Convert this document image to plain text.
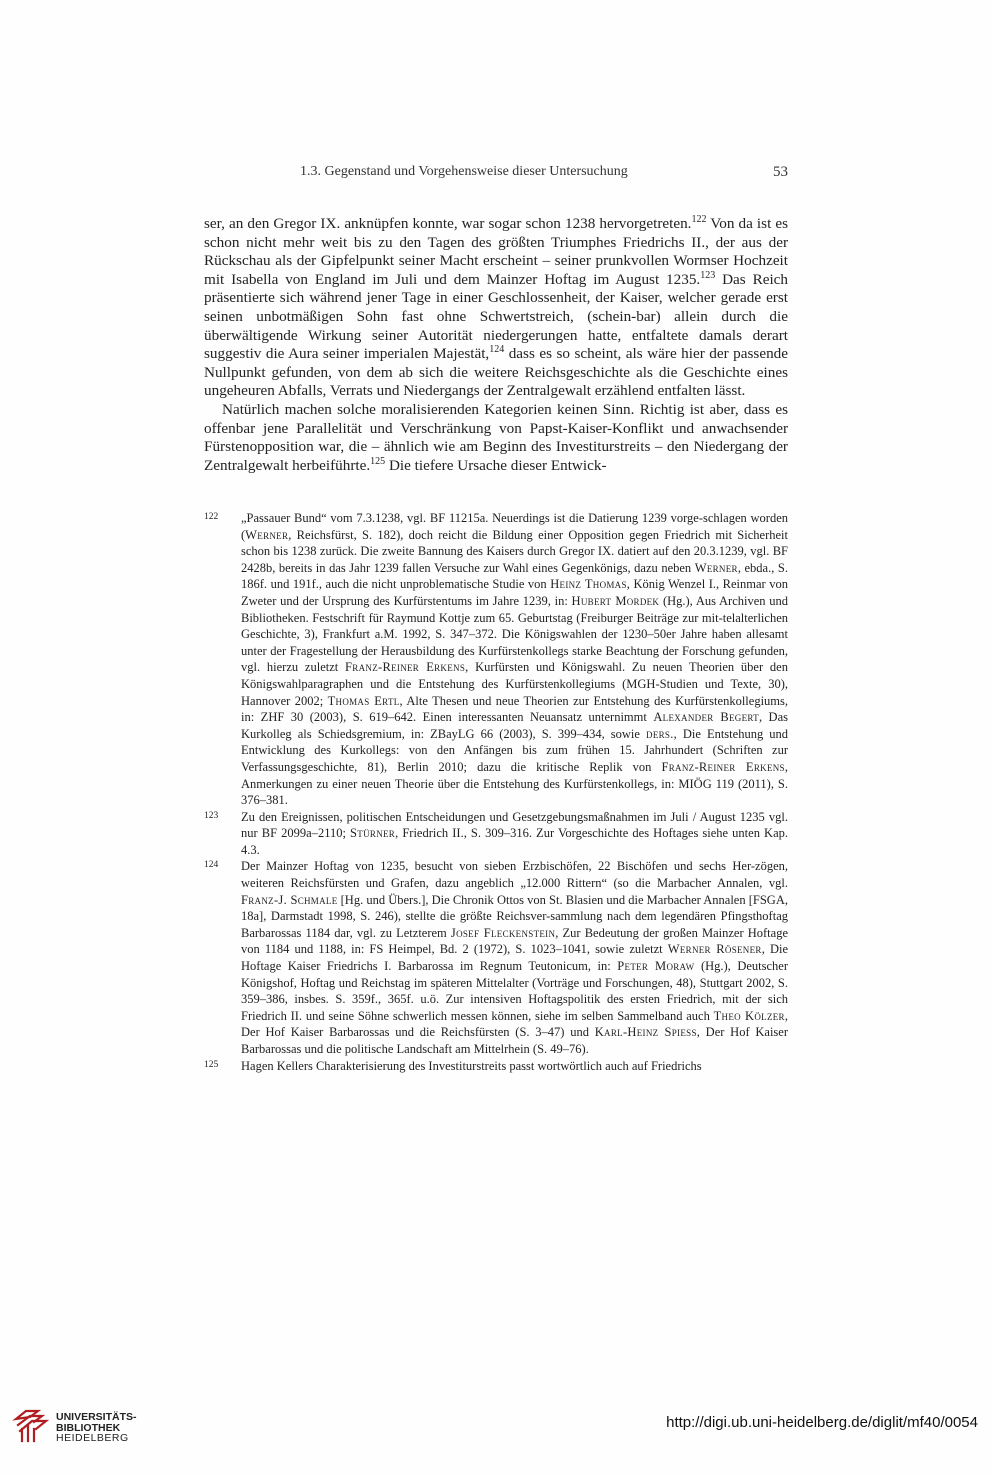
1.3. Gegenstand und Vorgehensweise dieser Untersuchung	53

ser, an den Gregor IX. anknüpfen konnte, war sogar schon 1238 hervorgetreten.$^{122}$ Von da ist es schon nicht mehr weit bis zu den Tagen des größten Triumphes Friedrichs II., der aus der Rückschau als der Gipfelpunkt seiner Macht erscheint – seiner prunkvollen Wormser Hochzeit mit Isabella von England im Juli und dem Mainzer Hoftag im August 1235.$^{123}$ Das Reich präsentierte sich während jener Tage in einer Geschlossenheit, der Kaiser, welcher gerade erst seinen unbotmäßigen Sohn fast ohne Schwertstreich, (schein-bar) allein durch die überwältigende Wirkung seiner Autorität niedergerungen hatte, entfaltete damals derart suggestiv die Aura seiner imperialen Majestät,$^{124}$ dass es so scheint, als wäre hier der passende Nullpunkt gefunden, von dem ab sich die weitere Reichsgeschichte als die Geschichte eines ungeheuren Abfalls, Verrats und Niedergangs der Zentralgewalt erzählend entfalten lässt.

Natürlich machen solche moralisierenden Kategorien keinen Sinn. Richtig ist aber, dass es offenbar jene Parallelität und Verschränkung von Papst-Kaiser-Konflikt und anwachsender Fürstenopposition war, die – ähnlich wie am Beginn des Investiturstreits – den Niedergang der Zentralgewalt herbeiführte.$^{125}$ Die tiefere Ursache dieser Entwick-

122 „Passauer Bund“ vom 7.3.1238, vgl. BF 11215a. Neuerdings ist die Datierung 1239 vorge-schlagen worden (Werner, Reichsfürst, S. 182), doch reicht die Bildung einer Opposition gegen Friedrich mit Sicherheit schon bis 1238 zurück. Die zweite Bannung des Kaisers durch Gregor IX. datiert auf den 20.3.1239, vgl. BF 2428b, bereits in das Jahr 1239 fallen Versuche zur Wahl eines Gegenkönigs, dazu neben Werner, ebda., S. 186f. und 191f., auch die nicht unproblematische Studie von Heinz Thomas, König Wenzel I., Reinmar von Zweter und der Ursprung des Kurfürstentums im Jahre 1239, in: Hubert Mordek (Hg.), Aus Archiven und Bibliotheken. Festschrift für Raymund Kottje zum 65. Geburtstag (Freiburger Beiträge zur mit-telalterlichen Geschichte, 3), Frankfurt a.M. 1992, S. 347–372. Die Königswahlen der 1230–50er Jahre haben allesamt unter der Fragestellung der Herausbildung des Kurfürstenkollegs starke Beachtung der Forschung gefunden, vgl. hierzu zuletzt Franz-Reiner Erkens, Kurfürsten und Königswahl. Zu neuen Theorien über den Königswahlparagraphen und die Entstehung des Kurfürstenkollegiums (MGH-Studien und Texte, 30), Hannover 2002; Thomas Ertl, Alte Thesen und neue Theorien zur Entstehung des Kurfürstenkollegiums, in: ZHF 30 (2003), S. 619–642. Einen interessanten Neuansatz unternimmt Alexander Begert, Das Kurkolleg als Schiedsgremium, in: ZBayLG 66 (2003), S. 399–434, sowie ders., Die Entstehung und Entwicklung des Kurkollegs: von den Anfängen bis zum frühen 15. Jahrhundert (Schriften zur Verfassungsgeschichte, 81), Berlin 2010; dazu die kritische Replik von Franz-Reiner Erkens, Anmerkungen zu einer neuen Theorie über die Entstehung des Kurfürstenkollegs, in: MIÖG 119 (2011), S. 376–381.
123 Zu den Ereignissen, politischen Entscheidungen und Gesetzgebungsmaßnahmen im Juli / August 1235 vgl. nur BF 2099a–2110; Stürner, Friedrich II., S. 309–316. Zur Vorgeschichte des Hoftages siehe unten Kap. 4.3.
124 Der Mainzer Hoftag von 1235, besucht von sieben Erzbischöfen, 22 Bischöfen und sechs Her-zögen, weiteren Reichsfürsten und Grafen, dazu angeblich „12.000 Rittern“ (so die Marbacher Annalen, vgl. Franz-J. Schmale [Hg. und Übers.], Die Chronik Ottos von St. Blasien und die Marbacher Annalen [FSGA, 18a], Darmstadt 1998, S. 246), stellte die größte Reichsver-sammlung nach dem legendären Pfingsthoftag Barbarossas 1184 dar, vgl. zu Letzterem Josef Fleckenstein, Zur Bedeutung der großen Mainzer Hoftage von 1184 und 1188, in: FS Heimpel, Bd. 2 (1972), S. 1023–1041, sowie zuletzt Werner Rösener, Die Hoftage Kaiser Friedrichs I. Barbarossa im Regnum Teutonicum, in: Peter Moraw (Hg.), Deutscher Königshof, Hoftag und Reichstag im späteren Mittelalter (Vorträge und Forschungen, 48), Stuttgart 2002, S. 359–386, insbes. S. 359f., 365f. u.ö. Zur intensiven Hoftagspolitik des ersten Friedrich, mit der sich Friedrich II. und seine Söhne schwerlich messen können, siehe im selben Sammelband auch Theo Kölzer, Der Hof Kaiser Barbarossas und die Reichsfürsten (S. 3–47) und Karl-Heinz Spiess, Der Hof Kaiser Barbarossas und die politische Landschaft am Mittelrhein (S. 49–76).
125 Hagen Kellers Charakterisierung des Investiturstreits passt wortwörtlich auch auf Friedrichs
UNIVERSITÄTS-
BIBLIOTHEK
HEIDELBERG
http://digi.ub.uni-heidelberg.de/diglit/mf40/0054
